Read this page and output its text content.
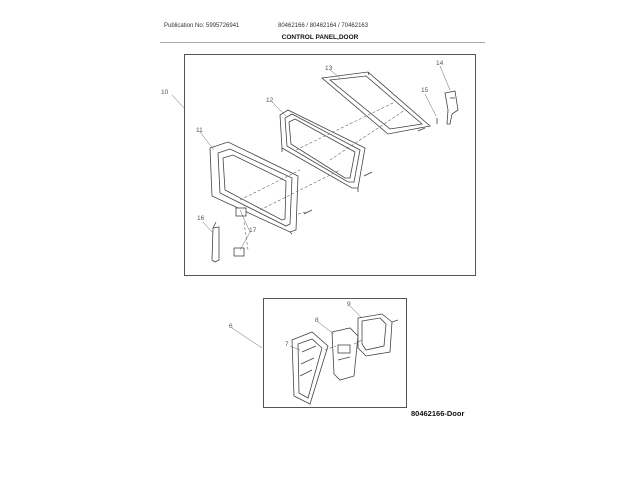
Publication No: 5995726941	80462166 / 80462164 / 70462163
CONTROL PANEL,DOOR
10
11
12
13
14
15
16
17
6
7
8
9
80462166-Door
